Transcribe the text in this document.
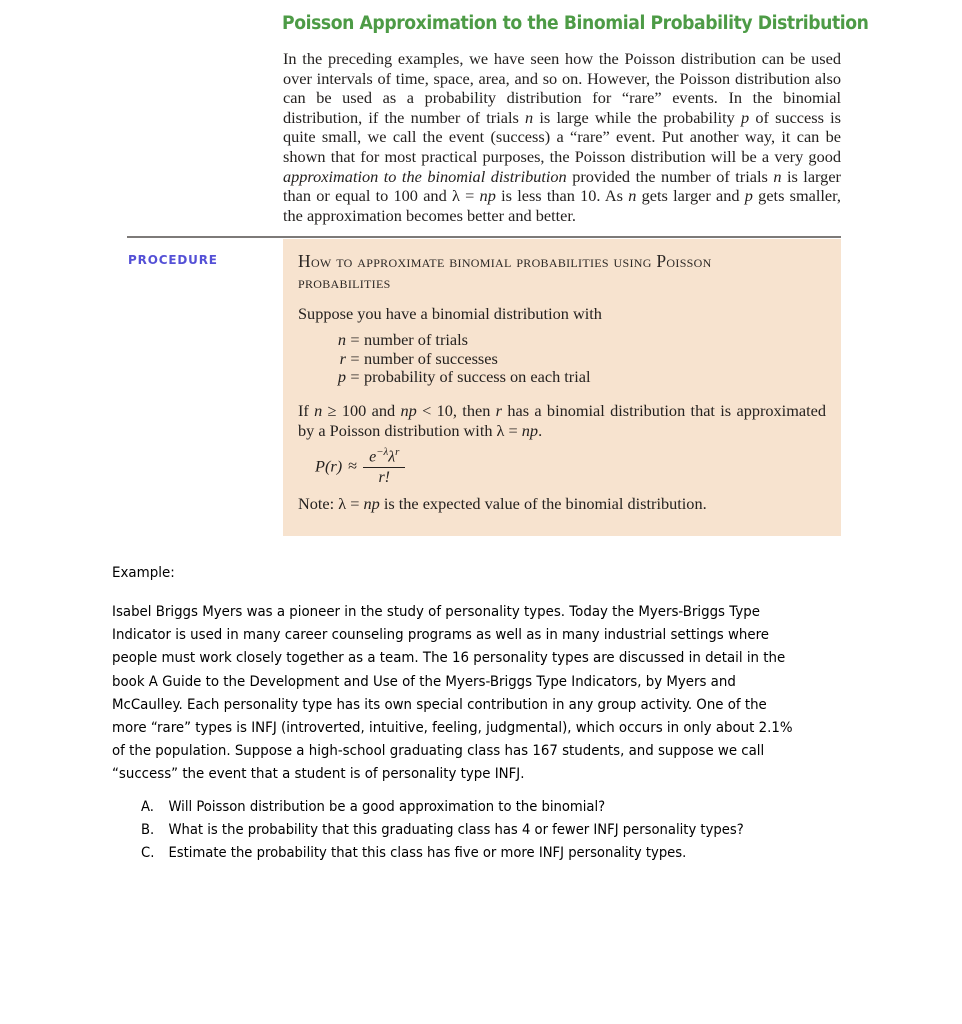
Poisson Approximation to the Binomial Probability Distribution
In the preceding examples, we have seen how the Poisson distribution can be used over intervals of time, space, area, and so on. However, the Poisson distribution also can be used as a probability distribution for “rare” events. In the binomial distribution, if the number of trials n is large while the probability p of success is quite small, we call the event (success) a “rare” event. Put another way, it can be shown that for most practical purposes, the Poisson distribution will be a very good approximation to the binomial distribution provided the number of trials n is larger than or equal to 100 and λ = np is less than 10. As n gets larger and p gets smaller, the approximation becomes better and better.
PROCEDURE	How to approximate binomial probabilities using Poisson probabilities
Suppose you have a binomial distribution with
n = number of trials
r = number of successes
p = probability of success on each trial
If n ≥ 100 and np < 10, then r has a binomial distribution that is approximated by a Poisson distribution with λ = np.
$P(r) \approx \frac{e^{-\lambda}\lambda^r}{r!}$
Note: λ = np is the expected value of the binomial distribution.
Example:
Isabel Briggs Myers was a pioneer in the study of personality types. Today the Myers-Briggs Type Indicator is used in many career counseling programs as well as in many industrial settings where people must work closely together as a team. The 16 personality types are discussed in detail in the book A Guide to the Development and Use of the Myers-Briggs Type Indicators, by Myers and McCaulley. Each personality type has its own special contribution in any group activity. One of the more “rare” types is INFJ (introverted, intuitive, feeling, judgmental), which occurs in only about 2.1% of the population. Suppose a high-school graduating class has 167 students, and suppose we call “success” the event that a student is of personality type INFJ.
A. Will Poisson distribution be a good approximation to the binomial?
B. What is the probability that this graduating class has 4 or fewer INFJ personality types?
C. Estimate the probability that this class has five or more INFJ personality types.
